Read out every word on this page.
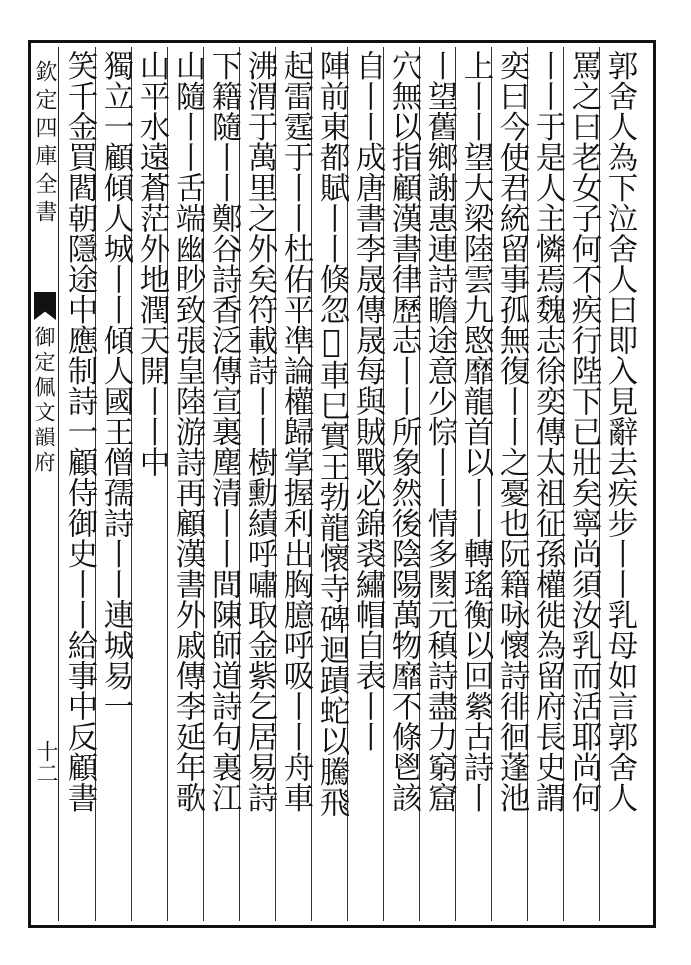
欽定四庫全書
御定佩文韻府
十二	郭舍人為下泣舍人曰即入見辭去疾步丨丨乳母如言郭舍人
罵之曰老女子何不疾行陛下已壯矣寧尚須汝乳而活耶尚何
丨丨于是人主憐焉魏志徐奕傳太祖征孫權徙為留府長史謂
奕曰今使君統留事孤無復丨丨之憂也阮籍咏懷詩徘徊蓬池
上丨丨望大梁陸雲九愍靡龍首以丨丨轉瑤衡以回縈古詩丨
丨望舊鄉謝惠連詩瞻途意少悰丨丨情多閡元稹詩盡力窮窟
穴無以指顧漢書律歷志丨丨所象然後陰陽萬物靡不條鬯該
自丨丨成唐書李晟傳晟每與賊戰必錦裘繡帽自表丨丨
陣前東都賦丨丨倏忽𤼵車巳實王勃龍懷寺碑迴蹟蛇以騰飛
起雷霆于丨丨杜佑平凖論權歸掌握利出胸臆呼吸丨丨舟車
沸渭于萬里之外矣符載詩丨丨樹勳績呼嘯取金紫乞居易詩
下籍隨丨丨鄭谷詩香泛傳宣裏塵清丨丨間陳師道詩句裏江
山隨丨丨舌端幽眇致張皇陸游詩再顧漢書外戚傳李延年歌
山平水遠蒼茫外地潤天開丨丨中
獨立一顧傾人城丨丨傾人國王僧孺詩丨丨連城易一
笑千金買閻朝隱途中應制詩一顧侍御史丨丨給事中反顧書
